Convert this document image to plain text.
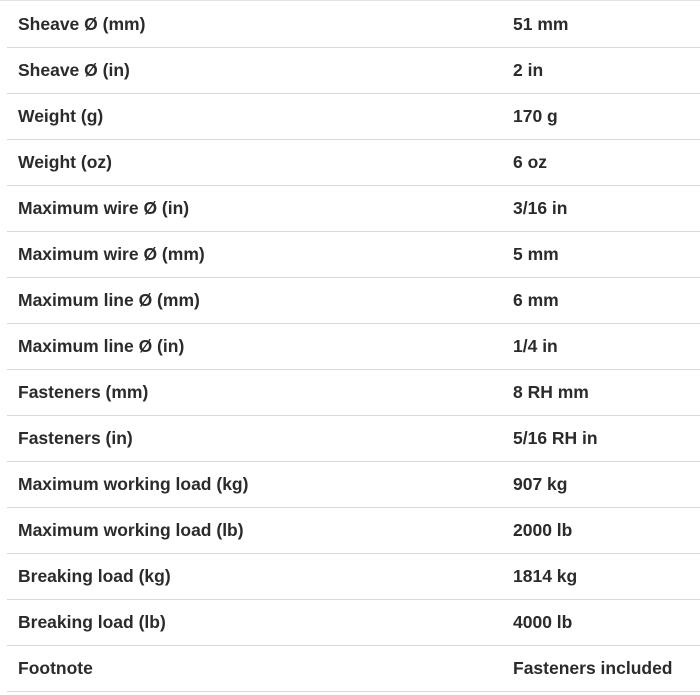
Sheave Ø (mm)	51 mm
Sheave Ø (in)	2 in
Weight (g)	170 g
Weight (oz)	6 oz
Maximum wire Ø (in)	3/16 in
Maximum wire Ø (mm)	5 mm
Maximum line Ø (mm)	6 mm
Maximum line Ø (in)	1/4 in
Fasteners (mm)	8 RH mm
Fasteners (in)	5/16 RH in
Maximum working load (kg)	907 kg
Maximum working load (lb)	2000 lb
Breaking load (kg)	1814 kg
Breaking load (lb)	4000 lb
Footnote	Fasteners included
